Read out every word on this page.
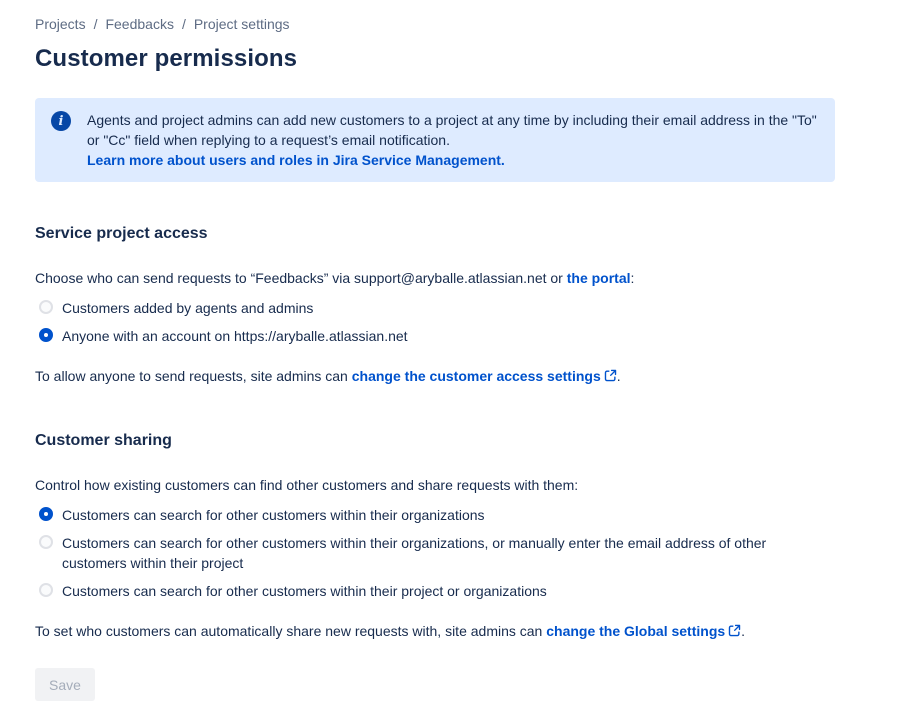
Projects / Feedbacks / Project settings
Customer permissions
i	Agents and project admins can add new customers to a project at any time by including their email address in the "To" or "Cc" field when replying to a request’s email notification. Learn more about users and roles in Jira Service Management.
Service project access

Choose who can send requests to “Feedbacks” via support@aryballe.atlassian.net or the portal:

Customers added by agents and admins
Anyone with an account on https://aryballe.atlassian.net

To allow anyone to send requests, site admins can change the customer access settings .

Customer sharing

Control how existing customers can find other customers and share requests with them:

Customers can search for other customers within their organizations
Customers can search for other customers within their organizations, or manually enter the email address of other customers within their project
Customers can search for other customers within their project or organizations

To set who customers can automatically share new requests with, site admins can change the Global settings .

Save
